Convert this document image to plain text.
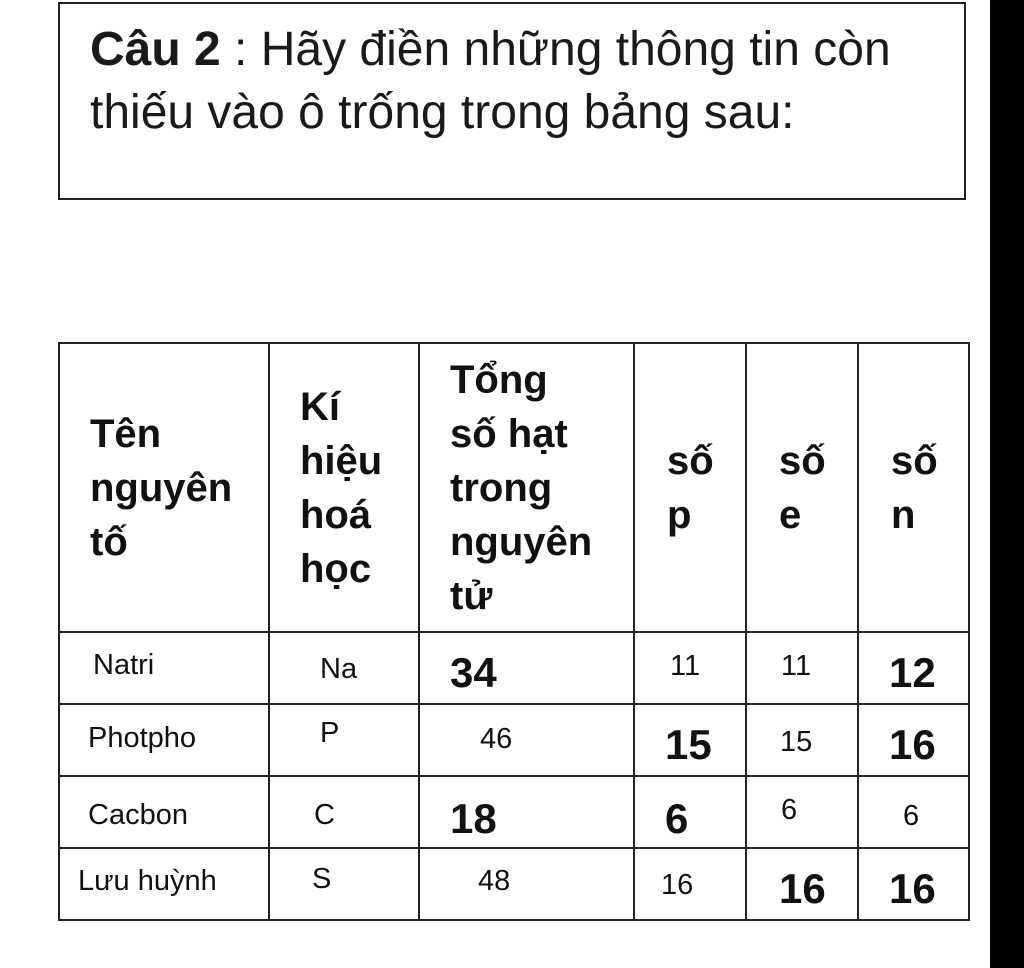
Câu 2 : Hãy điền những thông tin còn thiếu vào ô trống trong bảng sau:
Tên
nguyên
tố	Kí
hiệu
hoá
học	Tổng
số hạt
trong
nguyên
tử	số
p	số
e	số
n

Natri	Na	34	11	11	12

Photpho	P	46	15	15	16

Cacbon	C	18	6	6	6

Lưu huỳnh	S	48	16	16	16
